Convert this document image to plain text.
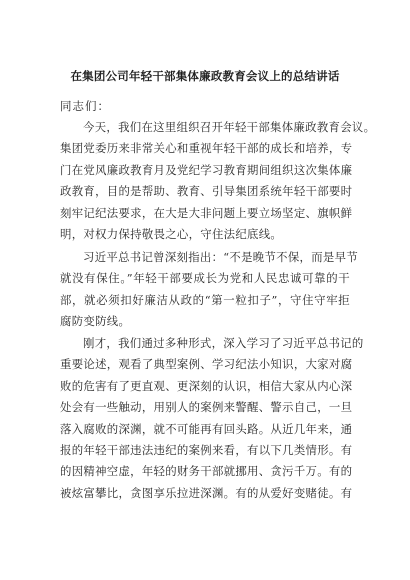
在集团公司年轻干部集体廉政教育会议上的总结讲话
同志们：
今天，我们在这里组织召开年轻干部集体廉政教育会议。
集团党委历来非常关心和重视年轻干部的成长和培养，专
门在党风廉政教育月及党纪学习教育期间组织这次集体廉
政教育，目的是帮助、教育、引导集团系统年轻干部要时
刻牢记纪法要求，在大是大非问题上要立场坚定、旗帜鲜
明，对权力保持敬畏之心，守住法纪底线。
习近平总书记曾深刻指出：“不是晚节不保，而是早节
就没有保住。”年轻干部要成长为党和人民忠诚可靠的干
部，就必须扣好廉洁从政的“第一粒扣子”，守住守牢拒
腐防变防线。
刚才，我们通过多种形式，深入学习了习近平总书记的
重要论述，观看了典型案例、学习纪法小知识，大家对腐
败的危害有了更直观、更深刻的认识，相信大家从内心深
处会有一些触动，用别人的案例来警醒、警示自己，一旦
落入腐败的深渊，就不可能再有回头路。从近几年来，通
报的年轻干部违法违纪的案例来看，有以下几类情形。有
的因精神空虚，年轻的财务干部就挪用、贪污千万。有的
被炫富攀比，贪图享乐拉进深渊。有的从爱好变赌徒。有
